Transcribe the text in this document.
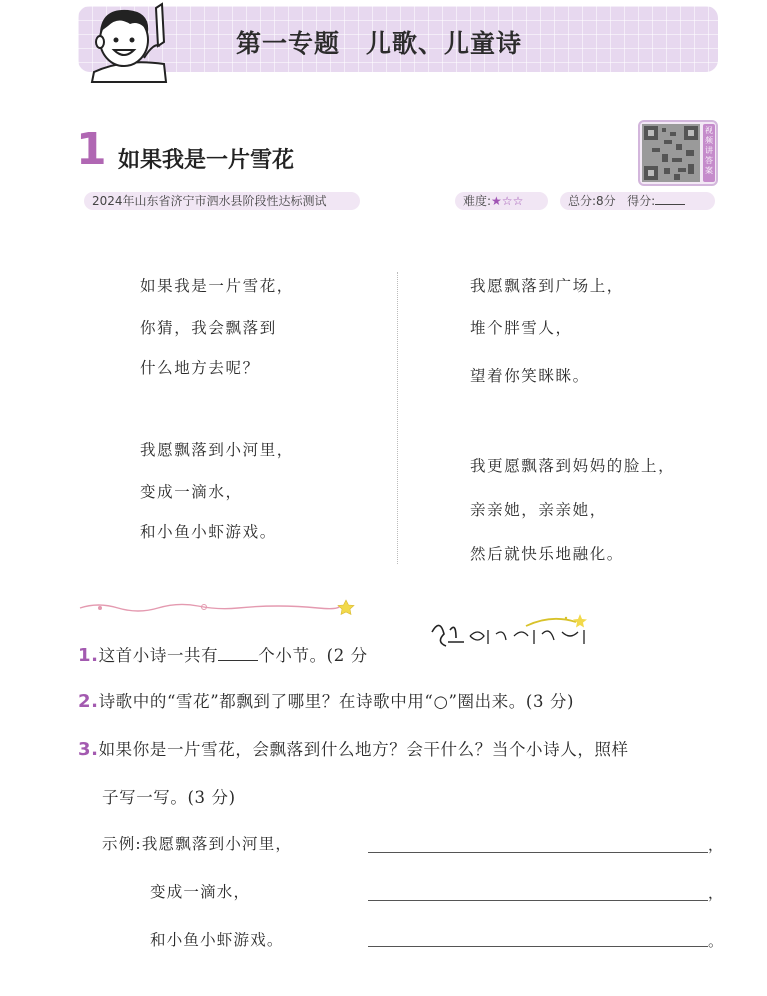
第一专题　儿歌、儿童诗
1 如果我是一片雪花
视频讲答案
2024年山东省济宁市泗水县阶段性达标测试	难度:★☆☆	总分:8分 得分:
如果我是一片雪花，
你猜，我会飘落到
什么地方去呢？
我愿飘落到小河里，
变成一滴水，
和小鱼小虾游戏。
我愿飘落到广场上，
堆个胖雪人，
望着你笑眯眯。
我更愿飘落到妈妈的脸上，
亲亲她，亲亲她，
然后就快乐地融化。
1.这首小诗一共有 个小节。(2 分
2.诗歌中的“雪花”都飘到了哪里？在诗歌中用“○”圈出来。(3 分)
3.如果你是一片雪花，会飘落到什么地方？会干什么？当个小诗人，照样
子写一写。(3 分)
示例:我愿飘落到小河里，
变成一滴水，
和小鱼小虾游戏。
，
，
。
